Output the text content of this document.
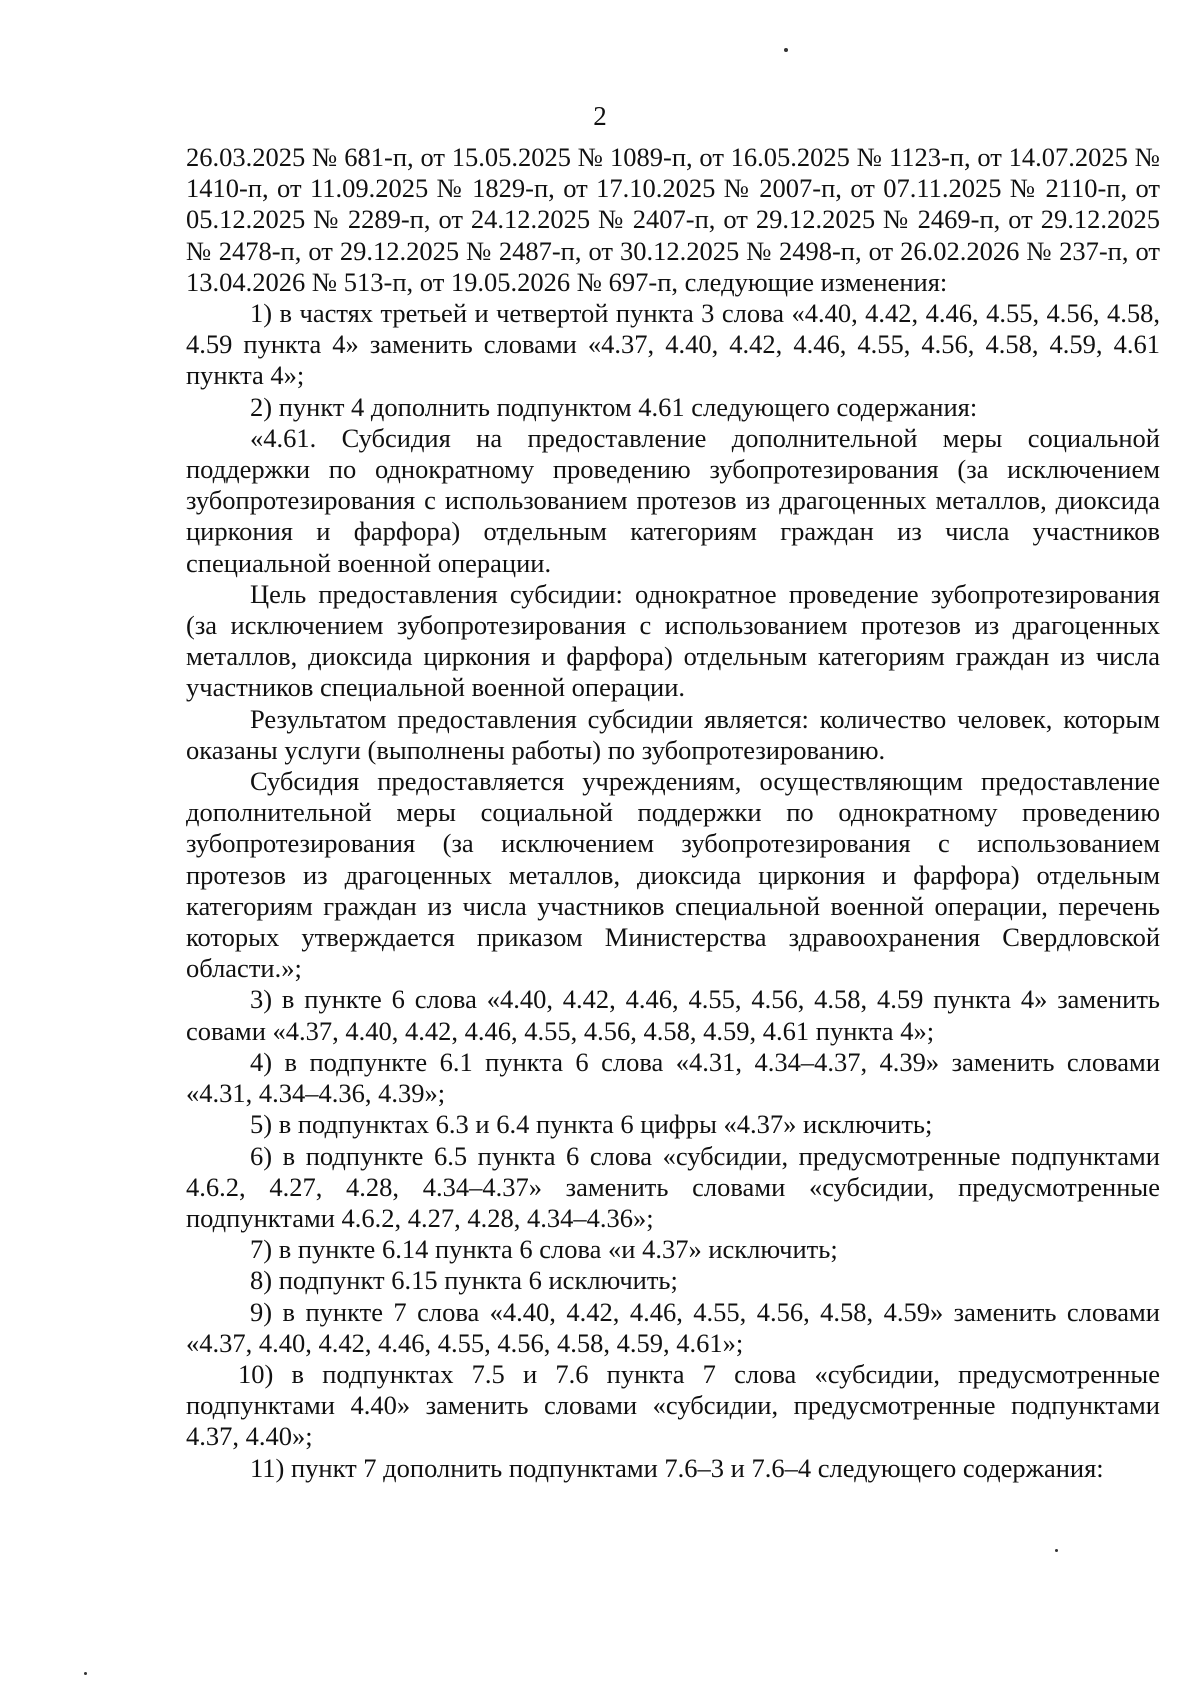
2

26.03.2025 № 681-п, от 15.05.2025 № 1089-п, от 16.05.2025 № 1123-п, от 14.07.2025 № 1410-п, от 11.09.2025 № 1829-п, от 17.10.2025 № 2007-п, от 07.11.2025 № 2110-п, от 05.12.2025 № 2289-п, от 24.12.2025 № 2407-п, от 29.12.2025 № 2469-п, от 29.12.2025 № 2478-п, от 29.12.2025 № 2487-п, от 30.12.2025 № 2498-п, от 26.02.2026 № 237-п, от 13.04.2026 № 513-п, от 19.05.2026 № 697-п, следующие изменения:

1) в частях третьей и четвертой пункта 3 слова «4.40, 4.42, 4.46, 4.55, 4.56, 4.58, 4.59 пункта 4» заменить словами «4.37, 4.40, 4.42, 4.46, 4.55, 4.56, 4.58, 4.59, 4.61 пункта 4»;

2) пункт 4 дополнить подпунктом 4.61 следующего содержания:

«4.61. Субсидия на предоставление дополнительной меры социальной поддержки по однократному проведению зубопротезирования (за исключением зубопротезирования с использованием протезов из драгоценных металлов, диоксида циркония и фарфора) отдельным категориям граждан из числа участников специальной военной операции.

Цель предоставления субсидии: однократное проведение зубопротезирования (за исключением зубопротезирования с использованием протезов из драгоценных металлов, диоксида циркония и фарфора) отдельным категориям граждан из числа участников специальной военной операции.

Результатом предоставления субсидии является: количество человек, которым оказаны услуги (выполнены работы) по зубопротезированию.

Субсидия предоставляется учреждениям, осуществляющим предоставление дополнительной меры социальной поддержки по однократному проведению зубопротезирования (за исключением зубопротезирования с использованием протезов из драгоценных металлов, диоксида циркония и фарфора) отдельным категориям граждан из числа участников специальной военной операции, перечень которых утверждается приказом Министерства здравоохранения Свердловской области.»;

3) в пункте 6 слова «4.40, 4.42, 4.46, 4.55, 4.56, 4.58, 4.59 пункта 4» заменить совами «4.37, 4.40, 4.42, 4.46, 4.55, 4.56, 4.58, 4.59, 4.61 пункта 4»;

4) в подпункте 6.1 пункта 6 слова «4.31, 4.34–4.37, 4.39» заменить словами «4.31, 4.34–4.36, 4.39»;

5) в подпунктах 6.3 и 6.4 пункта 6 цифры «4.37» исключить;

6) в подпункте 6.5 пункта 6 слова «субсидии, предусмотренные подпунктами 4.6.2, 4.27, 4.28, 4.34–4.37» заменить словами «субсидии, предусмотренные подпунктами 4.6.2, 4.27, 4.28, 4.34–4.36»;

7) в пункте 6.14 пункта 6 слова «и 4.37» исключить;

8) подпункт 6.15 пункта 6 исключить;

9) в пункте 7 слова «4.40, 4.42, 4.46, 4.55, 4.56, 4.58, 4.59» заменить словами «4.37, 4.40, 4.42, 4.46, 4.55, 4.56, 4.58, 4.59, 4.61»;

10) в подпунктах 7.5 и 7.6 пункта 7 слова «субсидии, предусмотренные подпунктами 4.40» заменить словами «субсидии, предусмотренные подпунктами 4.37, 4.40»;

11) пункт 7 дополнить подпунктами 7.6–3 и 7.6–4 следующего содержания:
